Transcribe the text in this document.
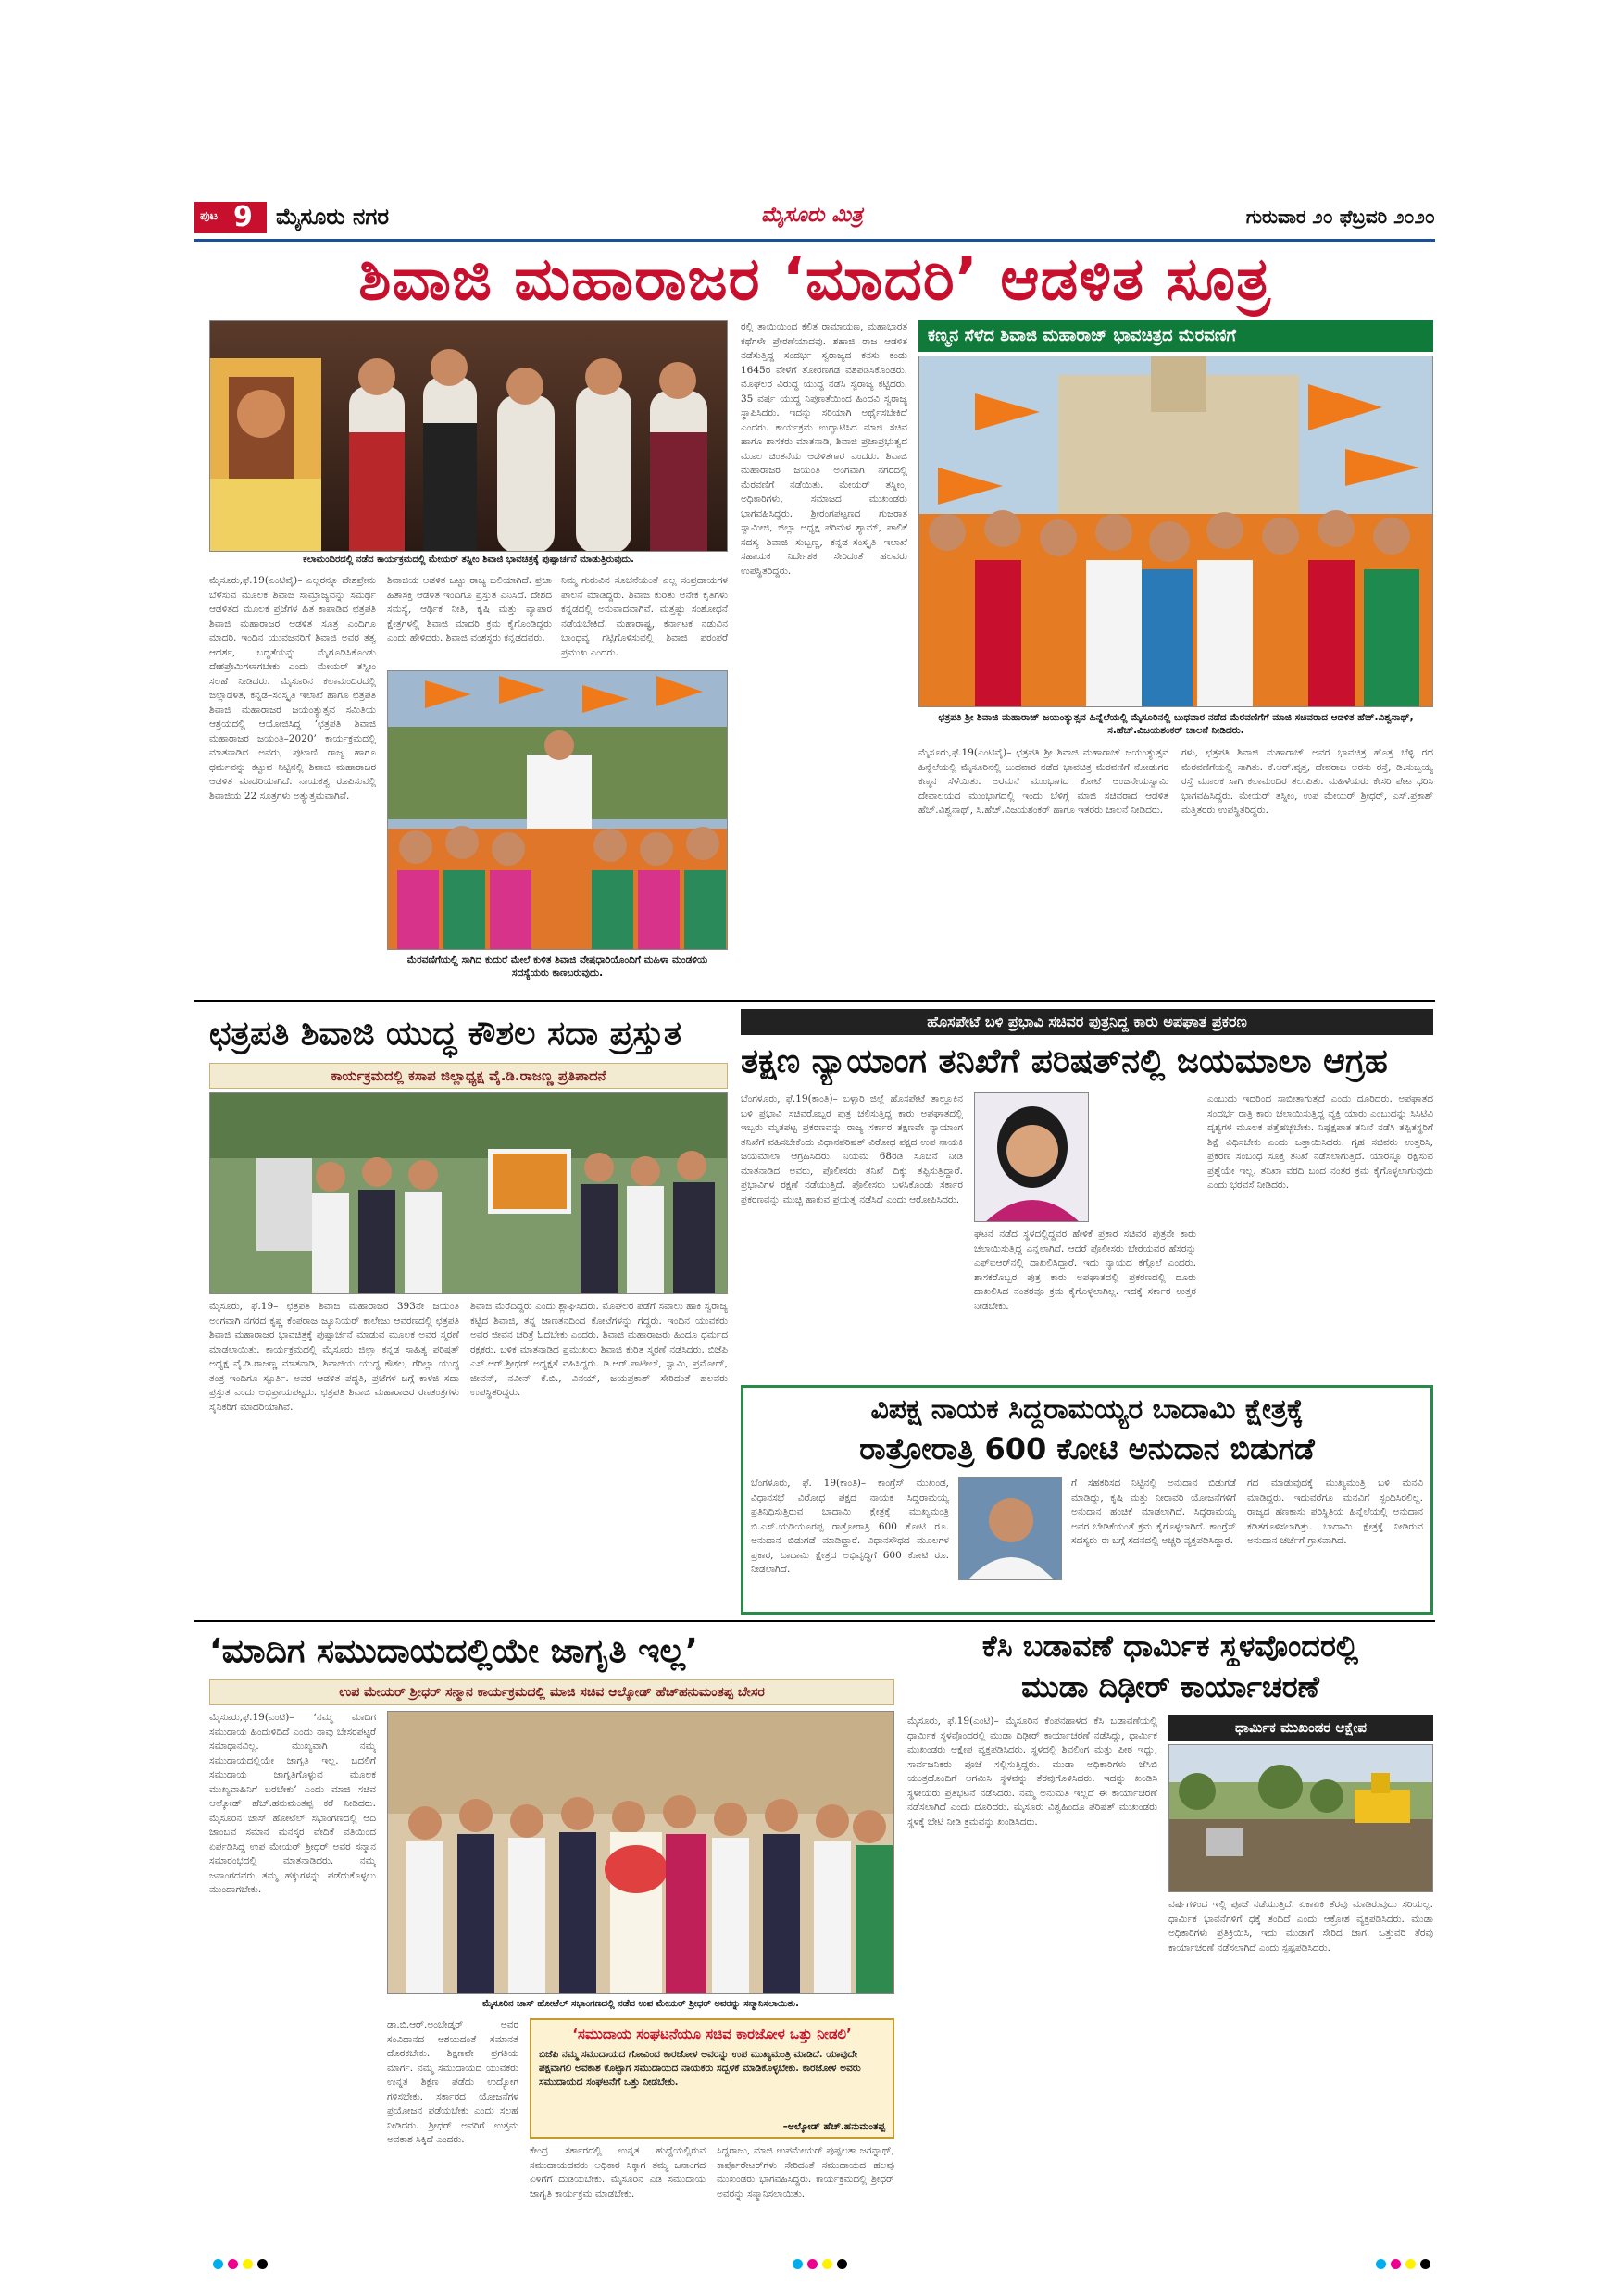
ಪುಟ 9 ಮೈಸೂರು ನಗರ	ಮೈಸೂರು ಮಿತ್ರ	ಗುರುವಾರ ೨೦ ಫೆಬ್ರವರಿ ೨೦೨೦
ಶಿವಾಜಿ ಮಹಾರಾಜರ ‘ಮಾದರಿ’ ಆಡಳಿತ ಸೂತ್ರ
ಕಲಾಮಂದಿರದಲ್ಲಿ ನಡೆದ ಕಾರ್ಯಕ್ರಮದಲ್ಲಿ ಮೇಯರ್ ತಸ್ನೀಂ ಶಿವಾಜಿ ಭಾವಚಿತ್ರಕ್ಕೆ ಪುಷ್ಪಾರ್ಚನೆ ಮಾಡುತ್ತಿರುವುದು.
ಮೈಸೂರು,ಫೆ.19(ಎಂಟಿವೈ)– ಎಲ್ಲರನ್ನೂ ದೇಶಪ್ರೇಮ ಬೆಳೆಸುವ ಮೂಲಕ ಶಿವಾಜಿ ಸಾಮ್ರಾಜ್ಯವನ್ನು ಸಮರ್ಥ ಆಡಳಿತದ ಮೂಲಕ ಪ್ರಜೆಗಳ ಹಿತ ಕಾಪಾಡಿದ ಛತ್ರಪತಿ ಶಿವಾಜಿ ಮಹಾರಾಜರ ಆಡಳಿತ ಸೂತ್ರ ಎಂದಿಗೂ ಮಾದರಿ. ಇಂದಿನ ಯುವಜನರಿಗೆ ಶಿವಾಜಿ ಅವರ ತತ್ವ ಆದರ್ಶ, ಬದ್ಧತೆಯನ್ನು ಮೈಗೂಡಿಸಿಕೊಂಡು ದೇಶಪ್ರೇಮಿಗಳಾಗಬೇಕು ಎಂದು ಮೇಯರ್ ತಸ್ನೀಂ ಸಲಹೆ ನೀಡಿದರು. ಮೈಸೂರಿನ ಕಲಾಮಂದಿರದಲ್ಲಿ ಜಿಲ್ಲಾಡಳಿತ, ಕನ್ನಡ–ಸಂಸ್ಕೃತಿ ಇಲಾಖೆ ಹಾಗೂ ಛತ್ರಪತಿ ಶಿವಾಜಿ ಮಹಾರಾಜರ ಜಯಂತ್ಯುತ್ಸವ ಸಮಿತಿಯ ಆಶ್ರಯದಲ್ಲಿ ಆಯೋಜಿಸಿದ್ದ ‘ಛತ್ರಪತಿ ಶಿವಾಜಿ ಮಹಾರಾಜರ ಜಯಂತಿ–2020’ ಕಾರ್ಯಕ್ರಮದಲ್ಲಿ ಮಾತನಾಡಿದ ಅವರು, ಪುಟಾಣಿ ರಾಜ್ಯ ಹಾಗೂ ಧರ್ಮವನ್ನು ಕಟ್ಟುವ ನಿಟ್ಟಿನಲ್ಲಿ ಶಿವಾಜಿ ಮಹಾರಾಜರ ಆಡಳಿತ ಮಾದರಿಯಾಗಿದೆ. ನಾಯಕತ್ವ ರೂಪಿಸುವಲ್ಲಿ ಶಿವಾಜಿಯ 22 ಸೂತ್ರಗಳು ಅತ್ಯುತ್ತಮವಾಗಿವೆ.
ಶಿವಾಜಿಯ ಆಡಳಿತ ಒಟ್ಟು ರಾಜ್ಯ ಬಲಿಯಾಗಿದೆ. ಪ್ರಜಾ ಹಿತಾಸಕ್ತಿ ಆಡಳಿತ ಇಂದಿಗೂ ಪ್ರಸ್ತುತ ಎನಿಸಿದೆ. ದೇಶದ ಸಮಸ್ಯೆ, ಆರ್ಥಿಕ ನೀತಿ, ಕೃಷಿ ಮತ್ತು ವ್ಯಾಪಾರ ಕ್ಷೇತ್ರಗಳಲ್ಲಿ ಶಿವಾಜಿ ಮಾದರಿ ಕ್ರಮ ಕೈಗೊಂಡಿದ್ದರು ಎಂದು ಹೇಳಿದರು. ಶಿವಾಜಿ ವಂಶಸ್ಥರು ಕನ್ನಡದವರು.
ನಿಮ್ಮ ಗುರುವಿನ ಸೂಚನೆಯಂತೆ ಎಲ್ಲ ಸಂಪ್ರದಾಯಗಳ ಪಾಲನೆ ಮಾಡಿದ್ದರು. ಶಿವಾಜಿ ಕುರಿತು ಅನೇಕ ಕೃತಿಗಳು ಕನ್ನಡದಲ್ಲಿ ಅನುವಾದವಾಗಿವೆ. ಮತ್ತಷ್ಟು ಸಂಶೋಧನೆ ನಡೆಯಬೇಕಿದೆ. ಮಹಾರಾಷ್ಟ್ರ, ಕರ್ನಾಟಕ ನಡುವಿನ ಬಾಂಧವ್ಯ ಗಟ್ಟಿಗೊಳಿಸುವಲ್ಲಿ ಶಿವಾಜಿ ಪರಂಪರೆ ಪ್ರಮುಖ ಎಂದರು.
ಮೆರವಣಿಗೆಯಲ್ಲಿ ಸಾಗಿದ ಕುದುರೆ ಮೇಲೆ ಕುಳಿತ ಶಿವಾಜಿ ವೇಷಧಾರಿಯೊಂದಿಗೆ ಮಹಿಳಾ ಮಂಡಳಿಯ ಸದಸ್ಯೆಯರು ಕಾಣಬರುವುದು.
ರಲ್ಲಿ ತಾಯಿಯಿಂದ ಕಲಿತ ರಾಮಾಯಣ, ಮಹಾಭಾರತ ಕಥೆಗಳೇ ಪ್ರೇರಣೆಯಾದವು. ಶಹಾಜಿ ರಾಜ ಆಡಳಿತ ನಡೆಸುತ್ತಿದ್ದ ಸಂದರ್ಭ ಸ್ವರಾಜ್ಯದ ಕನಸು ಕಂಡು 1645ರ ವೇಳೆಗೆ ತೋರಣಗಡ ವಶಪಡಿಸಿಕೊಂಡರು. ಮೊಘಲರ ವಿರುದ್ಧ ಯುದ್ಧ ನಡೆಸಿ ಸ್ವರಾಜ್ಯ ಕಟ್ಟಿದರು. 35 ವರ್ಷ ಯುದ್ಧ ನಿಪುಣತೆಯಿಂದ ಹಿಂದವಿ ಸ್ವರಾಜ್ಯ ಸ್ಥಾಪಿಸಿದರು. ಇದನ್ನು ಸರಿಯಾಗಿ ಅರ್ಥೈಸಬೇಕಿದೆ ಎಂದರು. ಕಾರ್ಯಕ್ರಮ ಉದ್ಘಾಟಿಸಿದ ಮಾಜಿ ಸಚಿವ ಹಾಗೂ ಶಾಸಕರು ಮಾತನಾಡಿ, ಶಿವಾಜಿ ಪ್ರಜಾಪ್ರಭುತ್ವದ ಮೂಲ ಚಿಂತನೆಯ ಆಡಳಿತಗಾರ ಎಂದರು. ಶಿವಾಜಿ ಮಹಾರಾಜರ ಜಯಂತಿ ಅಂಗವಾಗಿ ನಗರದಲ್ಲಿ ಮೆರವಣಿಗೆ ನಡೆಯಿತು. ಮೇಯರ್ ತಸ್ನೀಂ, ಅಧಿಕಾರಿಗಳು, ಸಮಾಜದ ಮುಖಂಡರು ಭಾಗವಹಿಸಿದ್ದರು. ಶ್ರೀರಂಗಪಟ್ಟಣದ ಗುಜರಾತ ಸ್ವಾಮೀಜಿ, ಜಿಲ್ಲಾ ಅಧ್ಯಕ್ಷ ಪರಿಮಳ ಶ್ಯಾಮ್, ಪಾಲಿಕೆ ಸದಸ್ಯ ಶಿವಾಜಿ ಸುಬ್ಬಣ್ಣ, ಕನ್ನಡ–ಸಂಸ್ಕೃತಿ ಇಲಾಖೆ ಸಹಾಯಕ ನಿರ್ದೇಶಕ ಸೇರಿದಂತೆ ಹಲವರು ಉಪಸ್ಥಿತರಿದ್ದರು.
ಕಣ್ಮನ ಸೆಳೆದ ಶಿವಾಜಿ ಮಹಾರಾಜ್ ಭಾವಚಿತ್ರದ ಮೆರವಣಿಗೆ
ಛತ್ರಪತಿ ಶ್ರೀ ಶಿವಾಜಿ ಮಹಾರಾಜ್ ಜಯಂತ್ಯುತ್ಸವ ಹಿನ್ನೆಲೆಯಲ್ಲಿ ಮೈಸೂರಿನಲ್ಲಿ ಬುಧವಾರ ನಡೆದ ಮೆರವಣಿಗೆಗೆ ಮಾಜಿ ಸಚಿವರಾದ ಆಡಳಿತ ಹೆಚ್.ವಿಶ್ವನಾಥ್, ಸ.ಹೆಚ್.ವಿಜಯಶಂಕರ್ ಚಾಲನೆ ನೀಡಿದರು.
ಮೈಸೂರು,ಫೆ.19(ಎಂಟಿವೈ)– ಛತ್ರಪತಿ ಶ್ರೀ ಶಿವಾಜಿ ಮಹಾರಾಜ್ ಜಯಂತ್ಯುತ್ಸವ ಹಿನ್ನೆಲೆಯಲ್ಲಿ ಮೈಸೂರಿನಲ್ಲಿ ಬುಧವಾರ ನಡೆದ ಭಾವಚಿತ್ರ ಮೆರವಣಿಗೆ ನೋಡುಗರ ಕಣ್ಮನ ಸೆಳೆಯಿತು. ಅರಮನೆ ಮುಂಭಾಗದ ಕೋಟೆ ಆಂಜನೇಯಸ್ವಾಮಿ ದೇವಾಲಯದ ಮುಂಭಾಗದಲ್ಲಿ ಇಂದು ಬೆಳಿಗ್ಗೆ ಮಾಜಿ ಸಚಿವರಾದ ಆಡಳಿತ ಹೆಚ್.ವಿಶ್ವನಾಥ್, ಸಿ.ಹೆಚ್.ವಿಜಯಶಂಕರ್ ಹಾಗೂ ಇತರರು ಚಾಲನೆ ನೀಡಿದರು.
ಗಳು, ಛತ್ರಪತಿ ಶಿವಾಜಿ ಮಹಾರಾಜ್ ಅವರ ಭಾವಚಿತ್ರ ಹೊತ್ತ ಬೆಳ್ಳಿ ರಥ ಮೆರವಣಿಗೆಯಲ್ಲಿ ಸಾಗಿತು. ಕೆ.ಆರ್.ವೃತ್ತ, ದೇವರಾಜ ಅರಸು ರಸ್ತೆ, ಡಿ.ಸುಬ್ಬಯ್ಯ ರಸ್ತೆ ಮೂಲಕ ಸಾಗಿ ಕಲಾಮಂದಿರ ತಲುಪಿತು. ಮಹಿಳೆಯರು ಕೇಸರಿ ಪೇಟ ಧರಿಸಿ ಭಾಗವಹಿಸಿದ್ದರು. ಮೇಯರ್ ತಸ್ನೀಂ, ಉಪ ಮೇಯರ್ ಶ್ರೀಧರ್, ಎಸ್.ಪ್ರಕಾಶ್ ಮತ್ತಿತರರು ಉಪಸ್ಥಿತರಿದ್ದರು.
ಛತ್ರಪತಿ ಶಿವಾಜಿ ಯುದ್ಧ ಕೌಶಲ ಸದಾ ಪ್ರಸ್ತುತ
ಕಾರ್ಯಕ್ರಮದಲ್ಲಿ ಕಸಾಪ ಜಿಲ್ಲಾಧ್ಯಕ್ಷ ವೈ.ಡಿ.ರಾಜಣ್ಣ ಪ್ರತಿಪಾದನೆ
ಮೈಸೂರು, ಫೆ.19– ಛತ್ರಪತಿ ಶಿವಾಜಿ ಮಹಾರಾಜರ 393ನೇ ಜಯಂತಿ ಅಂಗವಾಗಿ ನಗರದ ಕೃಷ್ಣ ಕೆಂಪರಾಜ ಜ್ಯೂನಿಯರ್ ಕಾಲೇಜು ಆವರಣದಲ್ಲಿ ಛತ್ರಪತಿ ಶಿವಾಜಿ ಮಹಾರಾಜರ ಭಾವಚಿತ್ರಕ್ಕೆ ಪುಷ್ಪಾರ್ಚನೆ ಮಾಡುವ ಮೂಲಕ ಅವರ ಸ್ಮರಣೆ ಮಾಡಲಾಯಿತು. ಕಾರ್ಯಕ್ರಮದಲ್ಲಿ ಮೈಸೂರು ಜಿಲ್ಲಾ ಕನ್ನಡ ಸಾಹಿತ್ಯ ಪರಿಷತ್ ಅಧ್ಯಕ್ಷ ವೈ.ಡಿ.ರಾಜಣ್ಣ ಮಾತನಾಡಿ, ಶಿವಾಜಿಯ ಯುದ್ಧ ಕೌಶಲ, ಗೆರಿಲ್ಲಾ ಯುದ್ಧ ತಂತ್ರ ಇಂದಿಗೂ ಸ್ಫೂರ್ತಿ. ಅವರ ಆಡಳಿತ ಪದ್ಧತಿ, ಪ್ರಜೆಗಳ ಬಗ್ಗೆ ಕಾಳಜಿ ಸದಾ ಪ್ರಸ್ತುತ ಎಂದು ಅಭಿಪ್ರಾಯಪಟ್ಟರು. ಛತ್ರಪತಿ ಶಿವಾಜಿ ಮಹಾರಾಜರ ರಣತಂತ್ರಗಳು ಸೈನಿಕರಿಗೆ ಮಾದರಿಯಾಗಿವೆ.
ಶಿವಾಜಿ ಮೆರೆದಿದ್ದರು ಎಂದು ಶ್ಲಾಘಿಸಿದರು. ಮೊಘಲರ ಪಡೆಗೆ ಸವಾಲು ಹಾಕಿ ಸ್ವರಾಜ್ಯ ಕಟ್ಟಿದ ಶಿವಾಜಿ, ತನ್ನ ಜಾಣತನದಿಂದ ಕೋಟೆಗಳನ್ನು ಗೆದ್ದರು. ಇಂದಿನ ಯುವಕರು ಅವರ ಜೀವನ ಚರಿತ್ರೆ ಓದಬೇಕು ಎಂದರು. ಶಿವಾಜಿ ಮಹಾರಾಜರು ಹಿಂದೂ ಧರ್ಮದ ರಕ್ಷಕರು. ಬಳಿಕ ಮಾತನಾಡಿದ ಪ್ರಮುಖರು ಶಿವಾಜಿ ಕುರಿತ ಸ್ಮರಣೆ ನಡೆಸಿದರು. ಬಿಜೆಪಿ ಎಸ್.ಆರ್.ಶ್ರೀಧರ್ ಅಧ್ಯಕ್ಷತೆ ವಹಿಸಿದ್ದರು. ಡಿ.ಆರ್.ಪಾಟೀಲ್, ಸ್ವಾಮಿ, ಪ್ರಮೋದ್, ಜೀವನ್, ನವೀನ್ ಕೆ.ಬಿ., ವಿನಯ್, ಜಯಪ್ರಕಾಶ್ ಸೇರಿದಂತೆ ಹಲವರು ಉಪಸ್ಥಿತರಿದ್ದರು.
ಹೊಸಪೇಟೆ ಬಳಿ ಪ್ರಭಾವಿ ಸಚಿವರ ಪುತ್ರನಿದ್ದ ಕಾರು ಅಪಘಾತ ಪ್ರಕರಣ
ತಕ್ಷಣ ನ್ಯಾಯಾಂಗ ತನಿಖೆಗೆ ಪರಿಷತ್‌ನಲ್ಲಿ ಜಯಮಾಲಾ ಆಗ್ರಹ
ಬೆಂಗಳೂರು, ಫೆ.19(ಕಾಂತಿ)– ಬಳ್ಳಾರಿ ಜಿಲ್ಲೆ ಹೊಸಪೇಟೆ ತಾಲ್ಲೂಕಿನ ಬಳಿ ಪ್ರಭಾವಿ ಸಚಿವರೊಬ್ಬರ ಪುತ್ರ ಚಲಿಸುತ್ತಿದ್ದ ಕಾರು ಅಪಘಾತದಲ್ಲಿ ಇಬ್ಬರು ಮೃತಪಟ್ಟ ಪ್ರಕರಣವನ್ನು ರಾಜ್ಯ ಸರ್ಕಾರ ತಕ್ಷಣವೇ ನ್ಯಾಯಾಂಗ ತನಿಖೆಗೆ ವಹಿಸಬೇಕೆಂದು ವಿಧಾನಪರಿಷತ್ ವಿರೋಧ ಪಕ್ಷದ ಉಪ ನಾಯಕಿ ಜಯಮಾಲಾ ಆಗ್ರಹಿಸಿದರು. ನಿಯಮ 68ರಡಿ ಸೂಚನೆ ನೀಡಿ ಮಾತನಾಡಿದ ಅವರು, ಪೊಲೀಸರು ತನಿಖೆ ದಿಕ್ಕು ತಪ್ಪಿಸುತ್ತಿದ್ದಾರೆ. ಪ್ರಭಾವಿಗಳ ರಕ್ಷಣೆ ನಡೆಯುತ್ತಿದೆ. ಪೊಲೀಸರು ಬಳಸಿಕೊಂಡು ಸರ್ಕಾರ ಪ್ರಕರಣವನ್ನು ಮುಚ್ಚಿ ಹಾಕುವ ಪ್ರಯತ್ನ ನಡೆಸಿದೆ ಎಂದು ಆರೋಪಿಸಿದರು.
ಘಟನೆ ನಡೆದ ಸ್ಥಳದಲ್ಲಿದ್ದವರ ಹೇಳಿಕೆ ಪ್ರಕಾರ ಸಚಿವರ ಪುತ್ರನೇ ಕಾರು ಚಲಾಯಿಸುತ್ತಿದ್ದ ಎನ್ನಲಾಗಿದೆ. ಆದರೆ ಪೊಲೀಸರು ಬೇರೆಯವರ ಹೆಸರನ್ನು ಎಫ್‌ಐಆರ್‌ನಲ್ಲಿ ದಾಖಲಿಸಿದ್ದಾರೆ. ಇದು ನ್ಯಾಯದ ಕಗ್ಗೊಲೆ ಎಂದರು. ಶಾಸಕರೊಬ್ಬರ ಪುತ್ರ ಕಾರು ಅಪಘಾತದಲ್ಲಿ ಪ್ರಕರಣದಲ್ಲಿ ದೂರು ದಾಖಲಿಸಿದ ನಂತರವೂ ಕ್ರಮ ಕೈಗೊಳ್ಳಲಾಗಿಲ್ಲ. ಇದಕ್ಕೆ ಸರ್ಕಾರ ಉತ್ತರ ನೀಡಬೇಕು.
ಎಂಬುದು ಇದರಿಂದ ಸಾಬೀತಾಗುತ್ತದೆ ಎಂದು ದೂರಿದರು. ಅಪಘಾತದ ಸಂದರ್ಭ ರಾತ್ರಿ ಕಾರು ಚಲಾಯಿಸುತ್ತಿದ್ದ ವ್ಯಕ್ತಿ ಯಾರು ಎಂಬುದನ್ನು ಸಿಸಿಟಿವಿ ದೃಶ್ಯಗಳ ಮೂಲಕ ಪತ್ತೆಹಚ್ಚಬೇಕು. ನಿಷ್ಪಕ್ಷಪಾತ ತನಿಖೆ ನಡೆಸಿ ತಪ್ಪಿತಸ್ಥರಿಗೆ ಶಿಕ್ಷೆ ವಿಧಿಸಬೇಕು ಎಂದು ಒತ್ತಾಯಿಸಿದರು. ಗೃಹ ಸಚಿವರು ಉತ್ತರಿಸಿ, ಪ್ರಕರಣ ಸಂಬಂಧ ಸೂಕ್ತ ತನಿಖೆ ನಡೆಸಲಾಗುತ್ತಿದೆ. ಯಾರನ್ನೂ ರಕ್ಷಿಸುವ ಪ್ರಶ್ನೆಯೇ ಇಲ್ಲ. ತನಿಖಾ ವರದಿ ಬಂದ ನಂತರ ಕ್ರಮ ಕೈಗೊಳ್ಳಲಾಗುವುದು ಎಂದು ಭರವಸೆ ನೀಡಿದರು.
ವಿಪಕ್ಷ ನಾಯಕ ಸಿದ್ದರಾಮಯ್ಯರ ಬಾದಾಮಿ ಕ್ಷೇತ್ರಕ್ಕೆ
ರಾತ್ರೋರಾತ್ರಿ 600 ಕೋಟಿ ಅನುದಾನ ಬಿಡುಗಡೆ
ಬೆಂಗಳೂರು, ಫೆ. 19(ಕಾಂತಿ)– ಕಾಂಗ್ರೆಸ್ ಮುಖಂಡ, ವಿಧಾನಸಭೆ ವಿರೋಧ ಪಕ್ಷದ ನಾಯಕ ಸಿದ್ದರಾಮಯ್ಯ ಪ್ರತಿನಿಧಿಸುತ್ತಿರುವ ಬಾದಾಮಿ ಕ್ಷೇತ್ರಕ್ಕೆ ಮುಖ್ಯಮಂತ್ರಿ ಬಿ.ಎಸ್.ಯಡಿಯೂರಪ್ಪ ರಾತ್ರೋರಾತ್ರಿ 600 ಕೋಟಿ ರೂ. ಅನುದಾನ ಬಿಡುಗಡೆ ಮಾಡಿದ್ದಾರೆ. ವಿಧಾನಸೌಧದ ಮೂಲಗಳ ಪ್ರಕಾರ, ಬಾದಾಮಿ ಕ್ಷೇತ್ರದ ಅಭಿವೃದ್ಧಿಗೆ 600 ಕೋಟಿ ರೂ. ನೀಡಲಾಗಿದೆ.
ಗೆ ಸಹಕರಿಸದ ನಿಟ್ಟಿನಲ್ಲಿ ಅನುದಾನ ಬಿಡುಗಡೆ ಮಾಡಿದ್ದು, ಕೃಷಿ ಮತ್ತು ನೀರಾವರಿ ಯೋಜನೆಗಳಿಗೆ ಅನುದಾನ ಹಂಚಿಕೆ ಮಾಡಲಾಗಿದೆ. ಸಿದ್ದರಾಮಯ್ಯ ಅವರ ಬೇಡಿಕೆಯಂತೆ ಕ್ರಮ ಕೈಗೊಳ್ಳಲಾಗಿದೆ. ಕಾಂಗ್ರೆಸ್ ಸದಸ್ಯರು ಈ ಬಗ್ಗೆ ಸದನದಲ್ಲಿ ಅಚ್ಚರಿ ವ್ಯಕ್ತಪಡಿಸಿದ್ದಾರೆ.
ಗದ ಮಾಡುವುದಕ್ಕೆ ಮುಖ್ಯಮಂತ್ರಿ ಬಳಿ ಮನವಿ ಮಾಡಿದ್ದರು. ಇದುವರೆಗೂ ಮನವಿಗೆ ಸ್ಪಂದಿಸಿರಲಿಲ್ಲ. ರಾಜ್ಯದ ಹಣಕಾಸು ಪರಿಸ್ಥಿತಿಯ ಹಿನ್ನೆಲೆಯಲ್ಲಿ ಅನುದಾನ ಕಡಿತಗೊಳಿಸಲಾಗಿತ್ತು. ಬಾದಾಮಿ ಕ್ಷೇತ್ರಕ್ಕೆ ನೀಡಿರುವ ಅನುದಾನ ಚರ್ಚೆಗೆ ಗ್ರಾಸವಾಗಿದೆ.
‘ಮಾದಿಗ ಸಮುದಾಯದಲ್ಲಿಯೇ ಜಾಗೃತಿ ಇಲ್ಲ’
ಉಪ ಮೇಯರ್ ಶ್ರೀಧರ್ ಸನ್ಮಾನ ಕಾರ್ಯಕ್ರಮದಲ್ಲಿ ಮಾಜಿ ಸಚಿವ ಆಲ್ಕೋಡ್ ಹೆಚ್‌ಹನುಮಂತಪ್ಪ ಬೇಸರ
ಮೈಸೂರು,ಫೆ.19(ಎಂಟಿ)– ‘ನಮ್ಮ ಮಾದಿಗ ಸಮುದಾಯ ಹಿಂದುಳಿದಿದೆ ಎಂದು ನಾವು ಬೇಸರಪಟ್ಟರೆ ಸಮಾಧಾನವಿಲ್ಲ. ಮುಖ್ಯವಾಗಿ ನಮ್ಮ ಸಮುದಾಯದಲ್ಲಿಯೇ ಜಾಗೃತಿ ಇಲ್ಲ. ಬದಲಿಗೆ ಸಮುದಾಯ ಜಾಗೃತಿಗೊಳ್ಳುವ ಮೂಲಕ ಮುಖ್ಯವಾಹಿನಿಗೆ ಬರಬೇಕು’ ಎಂದು ಮಾಜಿ ಸಚಿವ ಆಲ್ಕೋಡ್ ಹೆಚ್.ಹನುಮಂತಪ್ಪ ಕರೆ ನೀಡಿದರು. ಮೈಸೂರಿನ ಜಾಸ್ ಹೋಟೆಲ್ ಸಭಾಂಗಣದಲ್ಲಿ ಆದಿ ಜಾಂಬವ ಸಮಾನ ಮನಸ್ಕರ ವೇದಿಕೆ ವತಿಯಿಂದ ಏರ್ಪಡಿಸಿದ್ದ ಉಪ ಮೇಯರ್ ಶ್ರೀಧರ್ ಅವರ ಸನ್ಮಾನ ಸಮಾರಂಭದಲ್ಲಿ ಮಾತನಾಡಿದರು. ನಮ್ಮ ಜನಾಂಗದವರು ತಮ್ಮ ಹಕ್ಕುಗಳನ್ನು ಪಡೆದುಕೊಳ್ಳಲು ಮುಂದಾಗಬೇಕು.
ಮೈಸೂರಿನ ಜಾಸ್‌ ಹೋಟೆಲ್ ಸಭಾಂಗಣದಲ್ಲಿ ನಡೆದ ಉಪ ಮೇಯರ್ ಶ್ರೀಧರ್ ಅವರನ್ನು ಸನ್ಮಾನಿಸಲಾಯಿತು.
ಡಾ.ಬಿ.ಆರ್.ಅಂಬೇಡ್ಕರ್ ಅವರ ಸಂವಿಧಾನದ ಆಶಯದಂತೆ ಸಮಾನತೆ ದೊರಕಬೇಕು. ಶಿಕ್ಷಣವೇ ಪ್ರಗತಿಯ ಮಾರ್ಗ. ನಮ್ಮ ಸಮುದಾಯದ ಯುವಕರು ಉನ್ನತ ಶಿಕ್ಷಣ ಪಡೆದು ಉದ್ಯೋಗ ಗಳಿಸಬೇಕು. ಸರ್ಕಾರದ ಯೋಜನೆಗಳ ಪ್ರಯೋಜನ ಪಡೆಯಬೇಕು ಎಂದು ಸಲಹೆ ನೀಡಿದರು. ಶ್ರೀಧರ್ ಅವರಿಗೆ ಉತ್ತಮ ಅವಕಾಶ ಸಿಕ್ಕಿದೆ ಎಂದರು.
‘ಸಮುದಾಯ ಸಂಘಟನೆಯೂ ಸಚಿವ ಕಾರಜೋಳ ಒತ್ತು ನೀಡಲಿ’
ಬಿಜೆಪಿ ನಮ್ಮ ಸಮುದಾಯದ ಗೋವಿಂದ ಕಾರಜೋಳ ಅವರನ್ನು ಉಪ ಮುಖ್ಯಮಂತ್ರಿ ಮಾಡಿದೆ. ಯಾವುದೇ ಪಕ್ಷವಾಗಲಿ ಅವಕಾಶ ಕೊಟ್ಟಾಗ ಸಮುದಾಯದ ನಾಯಕರು ಸದ್ಬಳಕೆ ಮಾಡಿಕೊಳ್ಳಬೇಕು. ಕಾರಜೋಳ ಅವರು ಸಮುದಾಯದ ಸಂಘಟನೆಗೆ ಒತ್ತು ನೀಡಬೇಕು.
–ಆಲ್ಕೋಡ್ ಹೆಚ್.ಹನುಮಂತಪ್ಪ
ಕೇಂದ್ರ ಸರ್ಕಾರದಲ್ಲಿ ಉನ್ನತ ಹುದ್ದೆಯಲ್ಲಿರುವ ಸಮುದಾಯದವರು ಅಧಿಕಾರ ಸಿಕ್ಕಾಗ ತಮ್ಮ ಜನಾಂಗದ ಏಳಿಗೆಗೆ ದುಡಿಯಬೇಕು. ಮೈಸೂರಿನ ಎಡಿ ಸಮುದಾಯ ಜಾಗೃತಿ ಕಾರ್ಯಕ್ರಮ ಮಾಡಬೇಕು.
ಸಿದ್ದರಾಜು, ಮಾಜಿ ಉಪಮೇಯರ್ ಪುಷ್ಪಲತಾ ಜಗನ್ನಾಥ್, ಕಾರ್ಪೊರೇಟರ್‌ಗಳು ಸೇರಿದಂತೆ ಸಮುದಾಯದ ಹಲವು ಮುಖಂಡರು ಭಾಗವಹಿಸಿದ್ದರು. ಕಾರ್ಯಕ್ರಮದಲ್ಲಿ ಶ್ರೀಧರ್ ಅವರನ್ನು ಸನ್ಮಾನಿಸಲಾಯಿತು.
ಕೆಸಿ ಬಡಾವಣೆ ಧಾರ್ಮಿಕ ಸ್ಥಳವೊಂದರಲ್ಲಿ
ಮುಡಾ ದಿಢೀರ್ ಕಾರ್ಯಾಚರಣೆ
ಮೈಸೂರು, ಫೆ.19(ಎಂಟಿ)– ಮೈಸೂರಿನ ಕೆಂಪನಹಾಳದ ಕೆಸಿ ಬಡಾವಣೆಯಲ್ಲಿ ಧಾರ್ಮಿಕ ಸ್ಥಳವೊಂದರಲ್ಲಿ ಮುಡಾ ದಿಢೀರ್ ಕಾರ್ಯಾಚರಣೆ ನಡೆಸಿದ್ದು, ಧಾರ್ಮಿಕ ಮುಖಂಡರು ಆಕ್ಷೇಪ ವ್ಯಕ್ತಪಡಿಸಿದರು. ಸ್ಥಳದಲ್ಲಿ ಶಿವಲಿಂಗ ಮತ್ತು ಪೀಠ ಇದ್ದು, ಸಾರ್ವಜನಿಕರು ಪೂಜೆ ಸಲ್ಲಿಸುತ್ತಿದ್ದರು. ಮುಡಾ ಅಧಿಕಾರಿಗಳು ಜೆಸಿಬಿ ಯಂತ್ರದೊಂದಿಗೆ ಆಗಮಿಸಿ ಸ್ಥಳವನ್ನು ತೆರವುಗೊಳಿಸಿದರು. ಇದನ್ನು ಖಂಡಿಸಿ ಸ್ಥಳೀಯರು ಪ್ರತಿಭಟನೆ ನಡೆಸಿದರು. ನಮ್ಮ ಅನುಮತಿ ಇಲ್ಲದೆ ಈ ಕಾರ್ಯಾಚರಣೆ ನಡೆಸಲಾಗಿದೆ ಎಂದು ದೂರಿದರು. ಮೈಸೂರು ವಿಶ್ವಹಿಂದೂ ಪರಿಷತ್ ಮುಖಂಡರು ಸ್ಥಳಕ್ಕೆ ಭೇಟಿ ನೀಡಿ ಕ್ರಮವನ್ನು ಖಂಡಿಸಿದರು.
ಧಾರ್ಮಿಕ ಮುಖಂಡರ ಆಕ್ಷೇಪ
ವರ್ಷಗಳಿಂದ ಇಲ್ಲಿ ಪೂಜೆ ನಡೆಯುತ್ತಿದೆ. ಏಕಾಏಕಿ ತೆರವು ಮಾಡಿರುವುದು ಸರಿಯಲ್ಲ. ಧಾರ್ಮಿಕ ಭಾವನೆಗಳಿಗೆ ಧಕ್ಕೆ ತಂದಿದೆ ಎಂದು ಆಕ್ರೋಶ ವ್ಯಕ್ತಪಡಿಸಿದರು. ಮುಡಾ ಅಧಿಕಾರಿಗಳು ಪ್ರತಿಕ್ರಿಯಿಸಿ, ಇದು ಮುಡಾಗೆ ಸೇರಿದ ಜಾಗ. ಒತ್ತುವರಿ ತೆರವು ಕಾರ್ಯಾಚರಣೆ ನಡೆಸಲಾಗಿದೆ ಎಂದು ಸ್ಪಷ್ಟಪಡಿಸಿದರು.
